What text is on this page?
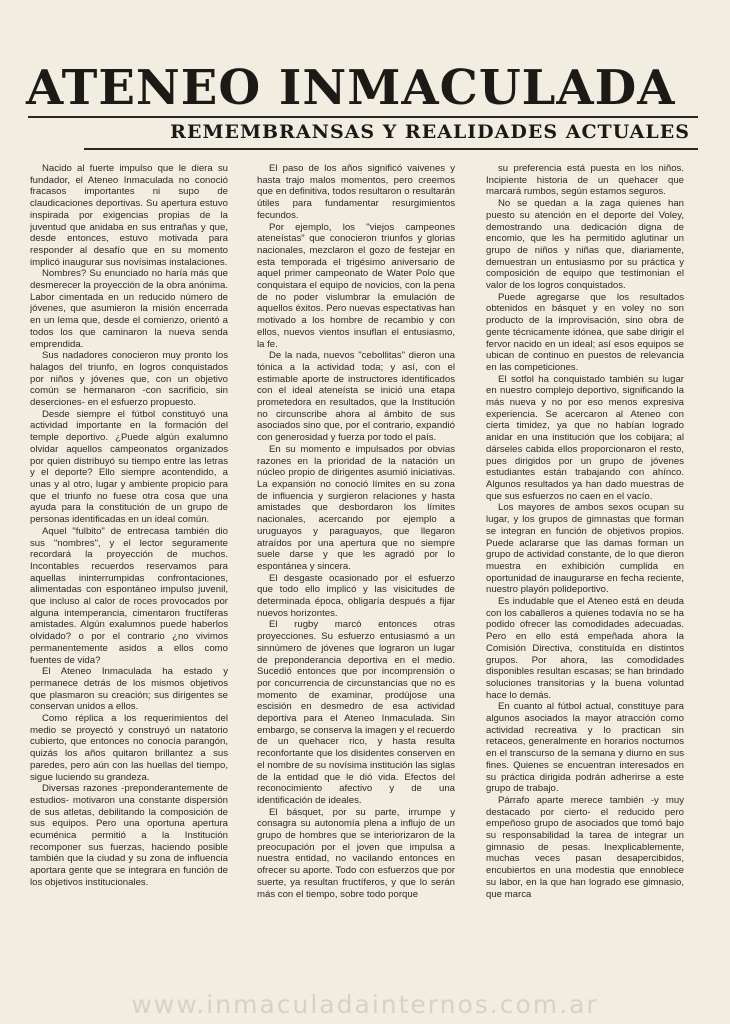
ATENEO INMACULADA
REMEMBRANSAS Y REALIDADES ACTUALES

Nacido al fuerte impulso que le diera su fundador, el Ateneo Inmaculada no conoció fracasos importantes ni supo de claudicaciones deportivas. Su apertura estuvo inspirada por exigencias propias de la juventud que anidaba en sus entrañas y que, desde entonces, estuvo motivada para responder al desafío que en su momento implicó inaugurar sus novísimas instalaciones.

Nombres? Su enunciado no haría más que desmerecer la proyección de la obra anónima. Labor cimentada en un reducido número de jóvenes, que asumieron la misión encerrada en un lema que, desde el comienzo, orientó a todos los que caminaron la nueva senda emprendida.

Sus nadadores conocieron muy pronto los halagos del triunfo, en logros conquistados por niños y jóvenes que, con un objetivo común se hermanaron -con sacrificio, sin deserciones- en el esfuerzo propuesto.

Desde siempre el fútbol constituyó una actividad importante en la formación del temple deportivo. ¿Puede algún exalumno olvidar aquellos campeonatos organizados por quien distribuyó su tiempo entre las letras y el deporte? Ello siempre acontendido, a unas y al otro, lugar y ambiente propicio para que el triunfo no fuese otra cosa que una ayuda para la constitución de un grupo de personas identificadas en un ideal común.

Aquel "fulbito" de entrecasa también dio sus "nombres", y el lector seguramente recordará la proyección de muchos. Incontables recuerdos reservamos para aquellas ininterrumpidas confrontaciones, alimentadas con espontáneo impulso juvenil, que incluso al calor de roces provocados por alguna intemperancia, cimentaron fructíferas amistades. Algún exalumnos puede haberlos olvidado? o por el contrario ¿no vivimos permanentemente asidos a ellos como fuentes de vida?

El Ateneo Inmaculada ha estado y permanece detrás de los mismos objetivos que plasmaron su creación; sus dirigentes se conservan unidos a ellos.

Como réplica a los requerimientos del medio se proyectó y construyó un natatorio cubierto, que entonces no conocía parangón, quizás los años quitaron brillantez a sus paredes, pero aún con las huellas del tiempo, sigue luciendo su grandeza.

Diversas razones -preponderantemente de estudios- motivaron una constante dispersión de sus atletas, debilitando la composición de sus equipos. Pero una oportuna apertura ecuménica permitió a la Institución recomponer sus fuerzas, haciendo posible también que la ciudad y su zona de influencia aportara gente que se integrara en función de los objetivos institucionales.

El paso de los años significó vaivenes y hasta trajo malos momentos, pero creemos que en definitiva, todos resultaron o resultarán útiles para fundamentar resurgimientos fecundos.

Por ejemplo, los "viejos campeones ateneístas" que conocieron triunfos y glorias nacionales, mezclaron el gozo de festejar en esta temporada el trigésimo aniversario de aquel primer campeonato de Water Polo que conquistara el equipo de novicios, con la pena de no poder vislumbrar la emulación de aquellos éxitos. Pero nuevas espectativas han motivado a los hombre de recambio y con ellos, nuevos vientos insuflan el entusiasmo, la fe.

De la nada, nuevos "cebollitas" dieron una tónica a la actividad toda; y así, con el estimable aporte de instructores identificados con el ideal ateneísta se inició una etapa prometedora en resultados, que la Institución no circunscribe ahora al ámbito de sus asociados sino que, por el contrario, expandió con generosidad y fuerza por todo el país.

En su momento e impulsados por obvias razones en la prioridad de la natación un núcleo propio de dirigentes asumió iniciativas. La expansión no conoció límites en su zona de influencia y surgieron relaciones y hasta amistades que desbordaron los límites nacionales, acercando por ejemplo a uruguayos y paraguayos, que llegaron atraídos por una apertura que no siempre suele darse y que les agradó por lo espontánea y sincera.

El desgaste ocasionado por el esfuerzo que todo ello implicó y las visicitudes de determinada época, obligaría después a fijar nuevos horizontes.

El rugby marcó entonces otras proyecciones. Su esfuerzo entusiasmó a un sinnúmero de jóvenes que lograron un lugar de preponderancia deportiva en el medio. Sucedió entonces que por incomprensión o por concurrencia de circunstancias que no es momento de examinar, prodújose una escisión en desmedro de esa actividad deportiva para el Ateneo Inmaculada. Sin embargo, se conserva la imagen y el recuerdo de un quehacer rico, y hasta resulta reconfortante que los disidentes conserven en el nombre de su novísima institución las siglas de la entidad que le dió vida. Efectos del reconocimiento afectivo y de una identificación de ideales.

El básquet, por su parte, irrumpe y consagra su autonomía plena a influjo de un grupo de hombres que se interiorizaron de la preocupación por el joven que impulsa a nuestra entidad, no vacilando entonces en ofrecer su aporte. Todo con esfuerzos que por suerte, ya resultan fructíferos, y que lo serán más con el tiempo, sobre todo porque

su preferencia está puesta en los niños. Incipiente historia de un quehacer que marcará rumbos, según estamos seguros.

No se quedan a la zaga quienes han puesto su atención en el deporte del Voley, demostrando una dedicación digna de encomio, que les ha permitido aglutinar un grupo de niños y niñas que, diariamente, demuestran un entusiasmo por su práctica y composición de equipo que testimonian el valor de los logros conquistados.

Puede agregarse que los resultados obtenidos en básquet y en voley no son producto de la improvisación, sino obra de gente técnicamente idónea, que sabe dirigir el fervor nacido en un ideal; así esos equipos se ubican de continuo en puestos de relevancia en las competiciones.

El sotfol ha conquistado también su lugar en nuestro complejo deportivo, significando la más nueva y no por eso menos expresiva experiencia. Se acercaron al Ateneo con cierta timidez, ya que no habían logrado anidar en una institución que los cobijara; al dárseles cabida ellos proporcionaron el resto, pues dirigidos por un grupo de jóvenes estudiantes están trabajando con ahínco. Algunos resultados ya han dado muestras de que sus esfuerzos no caen en el vacío.

Los mayores de ambos sexos ocupan su lugar, y los grupos de gimnastas que forman se integran en función de objetivos propios. Puede aclararse que las damas forman un grupo de actividad constante, de lo que dieron muestra en exhibición cumplida en oportunidad de inaugurarse en fecha reciente, nuestro playón polideportivo.

Es indudable que el Ateneo está en deuda con los caballeros a quienes todavía no se ha podido ofrecer las comodidades adecuadas. Pero en ello está empeñada ahora la Comisión Directiva, constituída en distintos grupos. Por ahora, las comodidades disponibles resultan escasas; se han brindado soluciones transitorias y la buena voluntad hace lo demás.

En cuanto al fútbol actual, constituye para algunos asociados la mayor atracción como actividad recreativa y lo practican sin retaceos, generalmente en horarios nocturnos en el transcurso de la semana y diurno en sus fines. Quienes se encuentran interesados en su práctica dirigida podrán adherirse a este grupo de trabajo.

Párrafo aparte merece también -y muy destacado por cierto- el reducido pero empeñoso grupo de asociados que tomó bajo su responsabilidad la tarea de integrar un gimnasio de pesas. Inexplicablemente, muchas veces pasan desapercibidos, encubiertos en una modestia que ennoblece su labor, en la que han logrado ese gimnasio, que marca

www.inmaculadainternos.com.ar
